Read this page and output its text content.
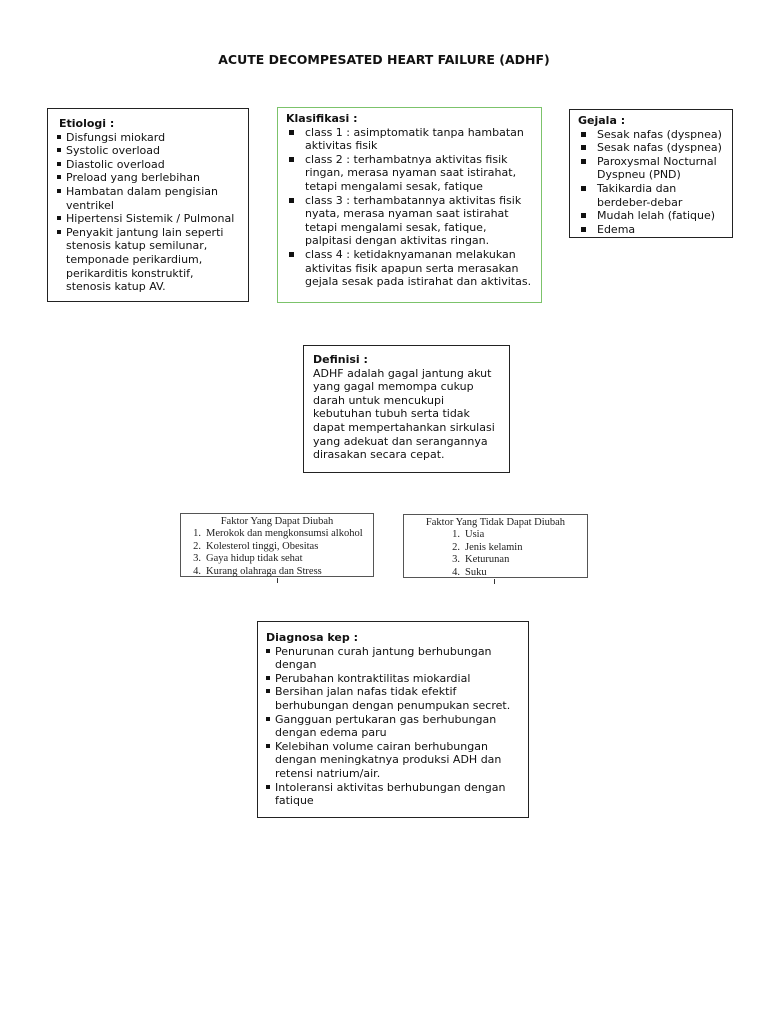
ACUTE DECOMPESATED HEART FAILURE (ADHF)
Etiologi :
Disfungsi miokard
Systolic overload
Diastolic overload
Preload yang berlebihan
Hambatan dalam pengisian ventrikel
Hipertensi Sistemik / Pulmonal
Penyakit jantung lain seperti stenosis katup semilunar, temponade perikardium, perikarditis konstruktif, stenosis katup AV.
Klasifikasi :
class 1 : asimptomatik tanpa hambatan aktivitas fisik
class 2 : terhambatnya aktivitas fisik ringan, merasa nyaman saat istirahat, tetapi mengalami sesak, fatique
class 3 : terhambatannya aktivitas fisik nyata, merasa nyaman saat istirahat tetapi mengalami sesak, fatique, palpitasi dengan aktivitas ringan.
class 4 : ketidaknyamanan melakukan aktivitas fisik apapun serta merasakan gejala sesak pada istirahat dan aktivitas.
Gejala :
Sesak nafas (dyspnea)
Sesak nafas (dyspnea)
Paroxysmal Nocturnal Dyspneu (PND)
Takikardia dan berdeber-debar
Mudah lelah (fatique)
Edema
Definisi :
ADHF adalah gagal jantung akut yang gagal memompa cukup darah untuk mencukupi kebutuhan tubuh serta tidak dapat mempertahankan sirkulasi yang adekuat dan serangannya dirasakan secara cepat.
Faktor Yang Dapat Diubah
1. Merokok dan mengkonsumsi alkohol
2. Kolesterol tinggi, Obesitas
3. Gaya hidup tidak sehat
4. Kurang olahraga dan Stress
Faktor Yang Tidak Dapat Diubah
1. Usia
2. Jenis kelamin
3. Keturunan
4. Suku
Diagnosa kep :
Penurunan curah jantung berhubungan dengan
Perubahan kontraktilitas miokardial
Bersihan jalan nafas tidak efektif berhubungan dengan penumpukan secret.
Gangguan pertukaran gas berhubungan dengan edema paru
Kelebihan volume cairan berhubungan dengan meningkatnya produksi ADH dan retensi natrium/air.
Intoleransi aktivitas berhubungan dengan fatique
